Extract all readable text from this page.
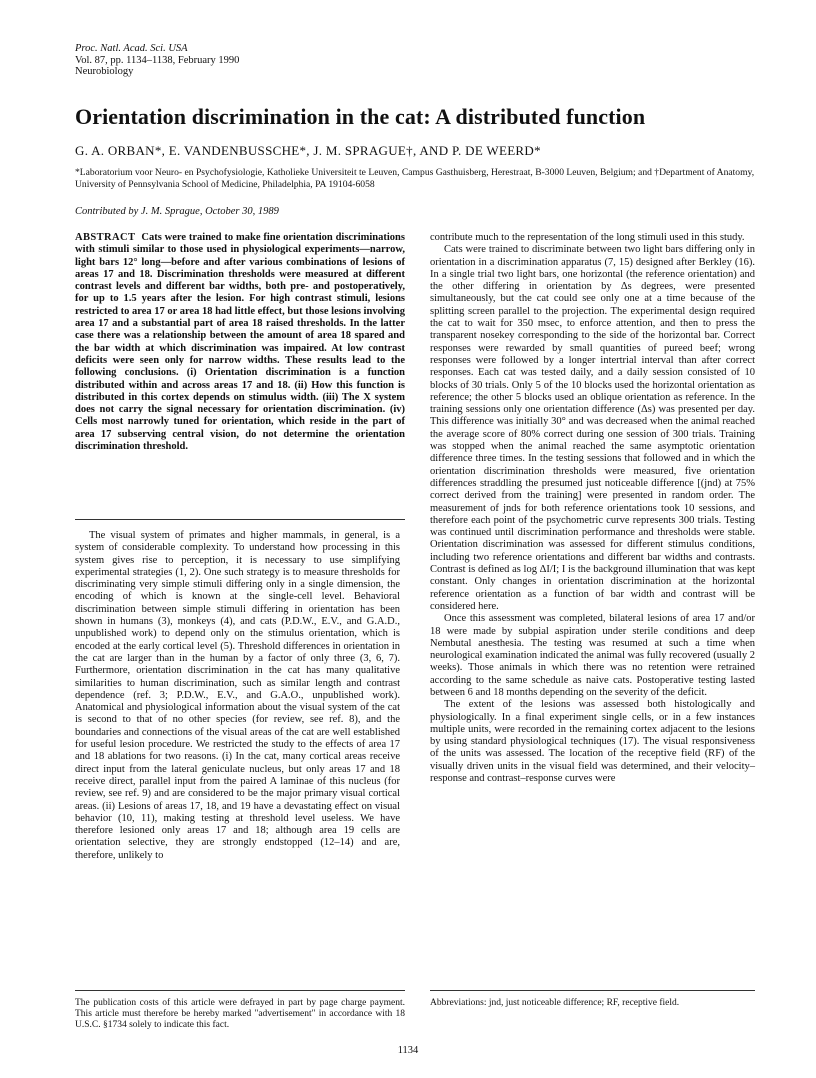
Proc. Natl. Acad. Sci. USA
Vol. 87, pp. 1134–1138, February 1990
Neurobiology
Orientation discrimination in the cat: A distributed function
G. A. ORBAN*, E. VANDENBUSSCHE*, J. M. SPRAGUE†, AND P. DE WEERD*
*Laboratorium voor Neuro- en Psychofysiologie, Katholieke Universiteit te Leuven, Campus Gasthuisberg, Herestraat, B-3000 Leuven, Belgium; and †Department of Anatomy, University of Pennsylvania School of Medicine, Philadelphia, PA 19104-6058
Contributed by J. M. Sprague, October 30, 1989
ABSTRACT Cats were trained to make fine orientation discriminations with stimuli similar to those used in physiological experiments—narrow, light bars 12° long—before and after various combinations of lesions of areas 17 and 18. Discrimination thresholds were measured at different contrast levels and different bar widths, both pre- and postoperatively, for up to 1.5 years after the lesion. For high contrast stimuli, lesions restricted to area 17 or area 18 had little effect, but those lesions involving area 17 and a substantial part of area 18 raised thresholds. In the latter case there was a relationship between the amount of area 18 spared and the bar width at which discrimination was impaired. At low contrast deficits were seen only for narrow widths. These results lead to the following conclusions. (i) Orientation discrimination is a function distributed within and across areas 17 and 18. (ii) How this function is distributed in this cortex depends on stimulus width. (iii) The X system does not carry the signal necessary for orientation discrimination. (iv) Cells most narrowly tuned for orientation, which reside in the part of area 17 subserving central vision, do not determine the orientation discrimination threshold.

The visual system of primates and higher mammals, in general, is a system of considerable complexity. To understand how processing in this system gives rise to perception, it is necessary to use simplifying experimental strategies (1, 2). One such strategy is to measure thresholds for discriminating very simple stimuli differing only in a single dimension, the encoding of which is known at the single-cell level. Behavioral discrimination between simple stimuli differing in orientation has been shown in humans (3), monkeys (4), and cats (P.D.W., E.V., and G.A.D., unpublished work) to depend only on the stimulus orientation, which is encoded at the early cortical level (5). Threshold differences in orientation in the cat are larger than in the human by a factor of only three (3, 6, 7). Furthermore, orientation discrimination in the cat has many qualitative similarities to human discrimination, such as similar length and contrast dependence (ref. 3; P.D.W., E.V., and G.A.O., unpublished work). Anatomical and physiological information about the visual system of the cat is second to that of no other species (for review, see ref. 8), and the boundaries and connections of the visual areas of the cat are well established for useful lesion procedure. We restricted the study to the effects of area 17 and 18 ablations for two reasons. (i) In the cat, many cortical areas receive direct input from the lateral geniculate nucleus, but only areas 17 and 18 receive direct, parallel input from the paired A laminae of this nucleus (for review, see ref. 9) and are considered to be the major primary visual cortical areas. (ii) Lesions of areas 17, 18, and 19 have a devastating effect on visual behavior (10, 11), making testing at threshold level useless. We have therefore lesioned only areas 17 and 18; although area 19 cells are orientation selective, they are strongly endstopped (12–14) and are, therefore, unlikely to

contribute much to the representation of the long stimuli used in this study.

Cats were trained to discriminate between two light bars differing only in orientation in a discrimination apparatus (7, 15) designed after Berkley (16). In a single trial two light bars, one horizontal (the reference orientation) and the other differing in orientation by Δs degrees, were presented simultaneously, but the cat could see only one at a time because of the splitting screen parallel to the projection. The experimental design required the cat to wait for 350 msec, to enforce attention, and then to press the transparent nosekey corresponding to the side of the horizontal bar. Correct responses were rewarded by small quantities of pureed beef; wrong responses were followed by a longer intertrial interval than after correct responses. Each cat was tested daily, and a daily session consisted of 10 blocks of 30 trials. Only 5 of the 10 blocks used the horizontal orientation as reference; the other 5 blocks used an oblique orientation as reference. In the training sessions only one orientation difference (Δs) was presented per day. This difference was initially 30° and was decreased when the animal reached the average score of 80% correct during one session of 300 trials. Training was stopped when the animal reached the same asymptotic orientation difference three times. In the testing sessions that followed and in which the orientation discrimination thresholds were measured, five orientation differences straddling the presumed just noticeable difference [(jnd) at 75% correct derived from the training] were presented in random order. The measurement of jnds for both reference orientations took 10 sessions, and therefore each point of the psychometric curve represents 300 trials. Testing was continued until discrimination performance and thresholds were stable. Orientation discrimination was assessed for different stimulus conditions, including two reference orientations and different bar widths and contrasts. Contrast is defined as log ΔI/I; I is the background illumination that was kept constant. Only changes in orientation discrimination at the horizontal reference orientation as a function of bar width and contrast will be considered here.

Once this assessment was completed, bilateral lesions of area 17 and/or 18 were made by subpial aspiration under sterile conditions and deep Nembutal anesthesia. The testing was resumed at such a time when neurological examination indicated the animal was fully recovered (usually 2 weeks). Those animals in which there was no retention were retrained according to the same schedule as naive cats. Postoperative testing lasted between 6 and 18 months depending on the severity of the deficit.

The extent of the lesions was assessed both histologically and physiologically. In a final experiment single cells, or in a few instances multiple units, were recorded in the remaining cortex adjacent to the lesions by using standard physiological techniques (17). The visual responsiveness of the units was assessed. The location of the receptive field (RF) of the visually driven units in the visual field was determined, and their velocity–response and contrast–response curves were

The publication costs of this article were defrayed in part by page charge payment. This article must therefore be hereby marked "advertisement" in accordance with 18 U.S.C. §1734 solely to indicate this fact.
Abbreviations: jnd, just noticeable difference; RF, receptive field.
1134
